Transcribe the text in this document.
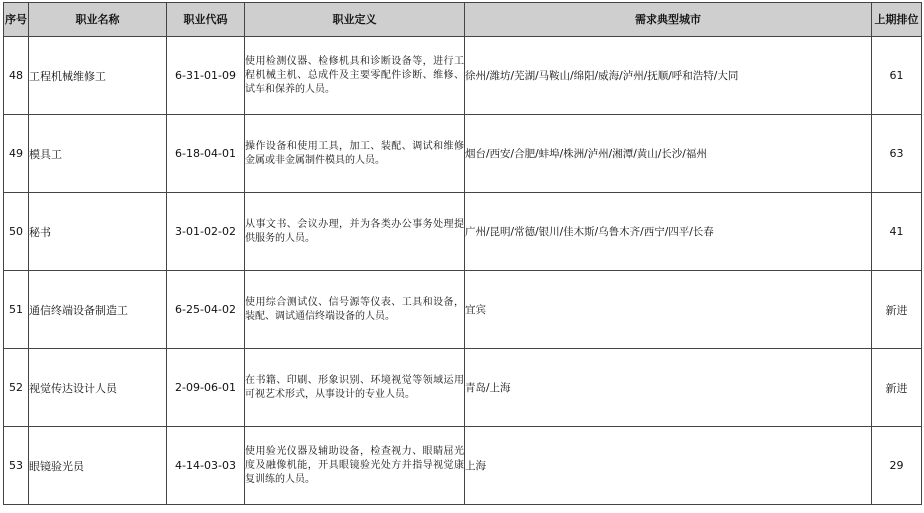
序号	职业名称	职业代码	职业定义	需求典型城市	上期排位
48	工程机械维修工	6-31-01-09	使用检测仪器、检修机具和诊断设备等，进行工程机械主机、总成件及主要零配件诊断、维修、试车和保养的人员。	徐州/潍坊/芜湖/马鞍山/绵阳/威海/泸州/抚顺/呼和浩特/大同	61
49	模具工	6-18-04-01	操作设备和使用工具，加工、装配、调试和维修金属或非金属制件模具的人员。	烟台/西安/合肥/蚌埠/株洲/泸州/湘潭/黄山/长沙/福州	63
50	秘书	3-01-02-02	从事文书、会议办理，并为各类办公事务处理提供服务的人员。	广州/昆明/常德/银川/佳木斯/乌鲁木齐/西宁/四平/长春	41
51	通信终端设备制造工	6-25-04-02	使用综合测试仪、信号源等仪表、工具和设备，装配、调试通信终端设备的人员。	宜宾	新进
52	视觉传达设计人员	2-09-06-01	在书籍、印刷、形象识别、环境视觉等领域运用可视艺术形式，从事设计的专业人员。	青岛/上海	新进
53	眼镜验光员	4-14-03-03	使用验光仪器及辅助设备，检查视力、眼睛屈光度及融像机能，开具眼镜验光处方并指导视觉康复训练的人员。	上海	29
